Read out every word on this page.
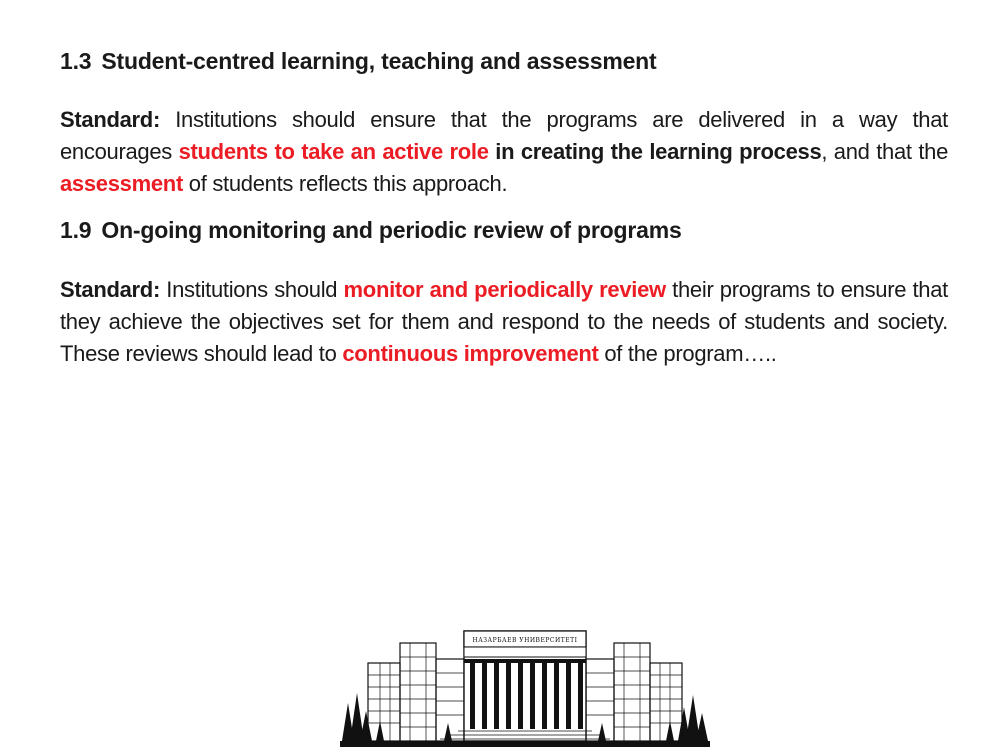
1.3 Student-centred learning, teaching and assessment
Standard: Institutions should ensure that the programs are delivered in a way that encourages students to take an active role in creating the learning process, and that the assessment of students reflects this approach.
1.9 On-going monitoring and periodic review of programs
Standard: Institutions should monitor and periodically review their programs to ensure that they achieve the objectives set for them and respond to the needs of students and society. These reviews should lead to continuous improvement of the program…..
НАЗАРБАЕВ УНИВЕРСИТЕТІ
